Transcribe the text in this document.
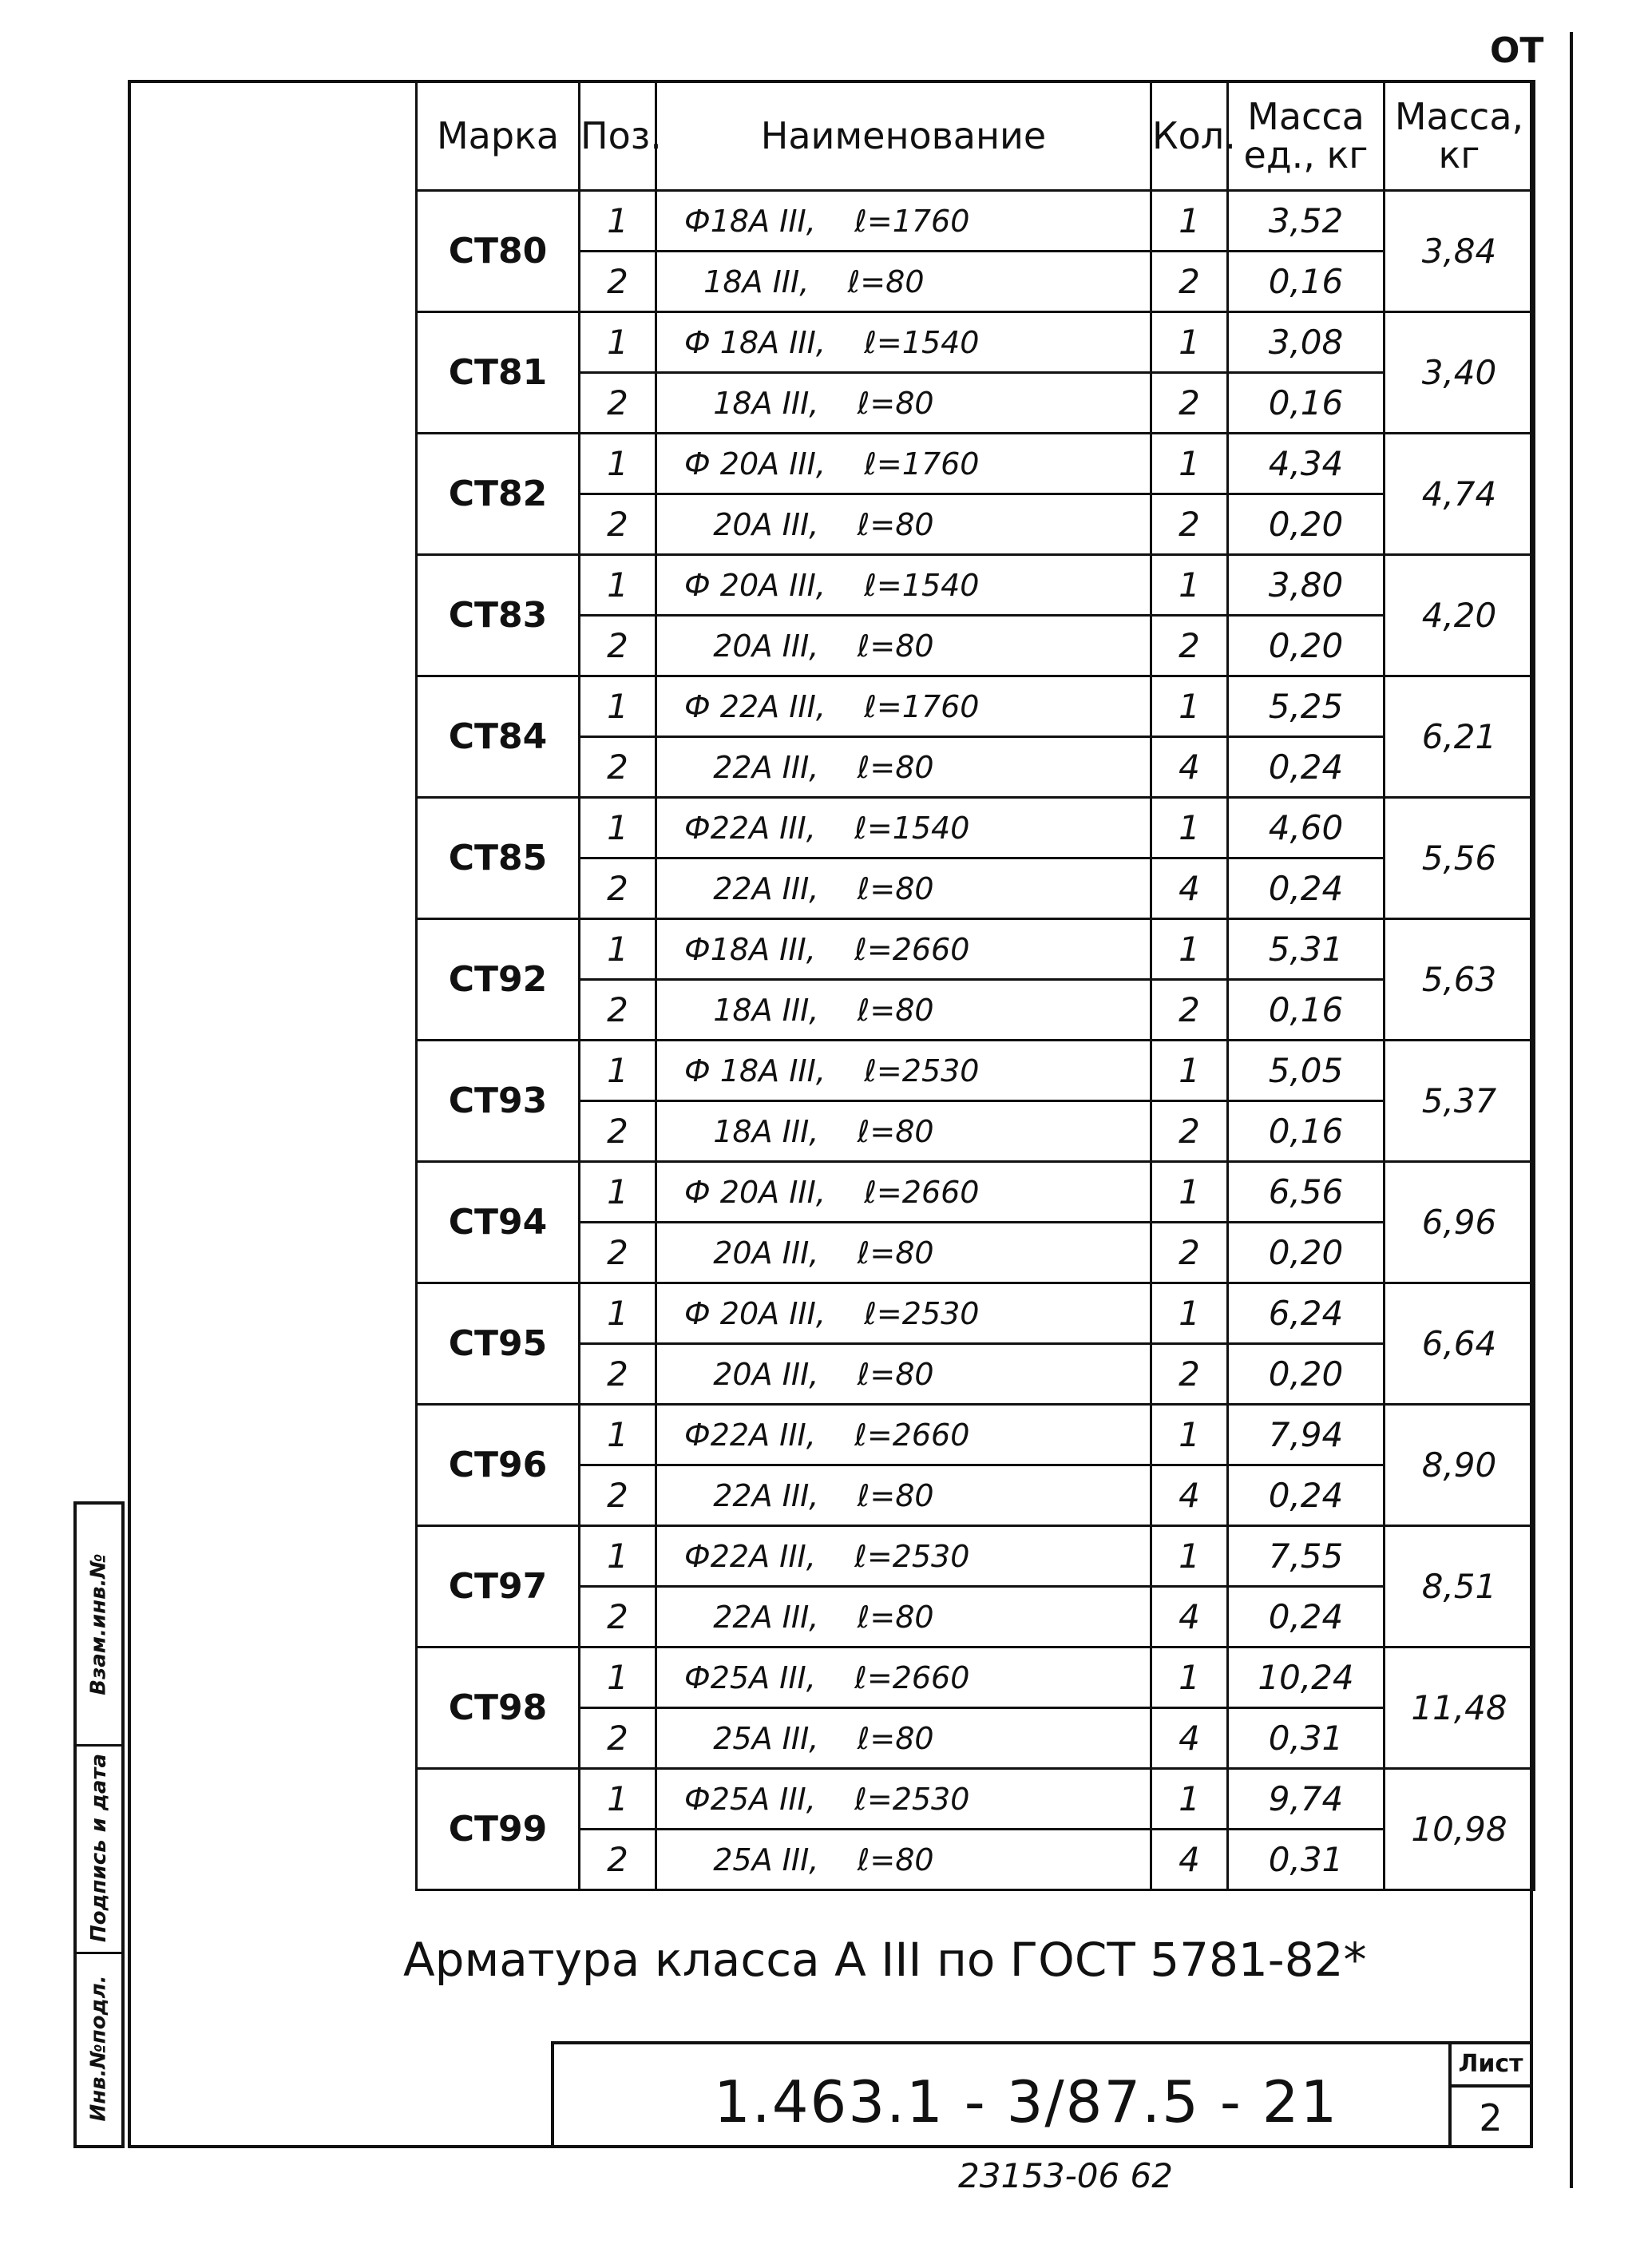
ОТ
Взам.инв.№
Подпись и дата
Инв.№подл.
Марка	Поз.	Наименование	Кол.	Масса ед., кг	Масса, кг
СТ80	1	Ф18А III,    ℓ=1760	1	3,52	3,84
	2	18А III,    ℓ=80	2	0,16	
СТ81	1	Ф 18А III,    ℓ=1540	1	3,08	3,40
	2	18А III,    ℓ=80	2	0,16	
СТ82	1	Ф 20А III,    ℓ=1760	1	4,34	4,74
	2	20А III,    ℓ=80	2	0,20	
СТ83	1	Ф 20А III,    ℓ=1540	1	3,80	4,20
	2	20А III,    ℓ=80	2	0,20	
СТ84	1	Ф 22А III,    ℓ=1760	1	5,25	6,21
	2	22А III,    ℓ=80	4	0,24	
СТ85	1	Ф22А III,    ℓ=1540	1	4,60	5,56
	2	22А III,    ℓ=80	4	0,24	
СТ92	1	Ф18А III,    ℓ=2660	1	5,31	5,63
	2	18А III,    ℓ=80	2	0,16	
СТ93	1	Ф 18А III,    ℓ=2530	1	5,05	5,37
	2	18А III,    ℓ=80	2	0,16	
СТ94	1	Ф 20А III,    ℓ=2660	1	6,56	6,96
	2	20А III,    ℓ=80	2	0,20	
СТ95	1	Ф 20А III,    ℓ=2530	1	6,24	6,64
	2	20А III,    ℓ=80	2	0,20	
СТ96	1	Ф22А III,    ℓ=2660	1	7,94	8,90
	2	22А III,    ℓ=80	4	0,24	
СТ97	1	Ф22А III,    ℓ=2530	1	7,55	8,51
	2	22А III,    ℓ=80	4	0,24	
СТ98	1	Ф25А III,    ℓ=2660	1	10,24	11,48
	2	25А III,    ℓ=80	4	0,31	
СТ99	1	Ф25А III,    ℓ=2530	1	9,74	10,98
	2	25А III,    ℓ=80	4	0,31	
Арматура класса А III по ГОСТ 5781-82*
1.463.1 - 3/87.5 - 21
Лист
2
23153-06 62
